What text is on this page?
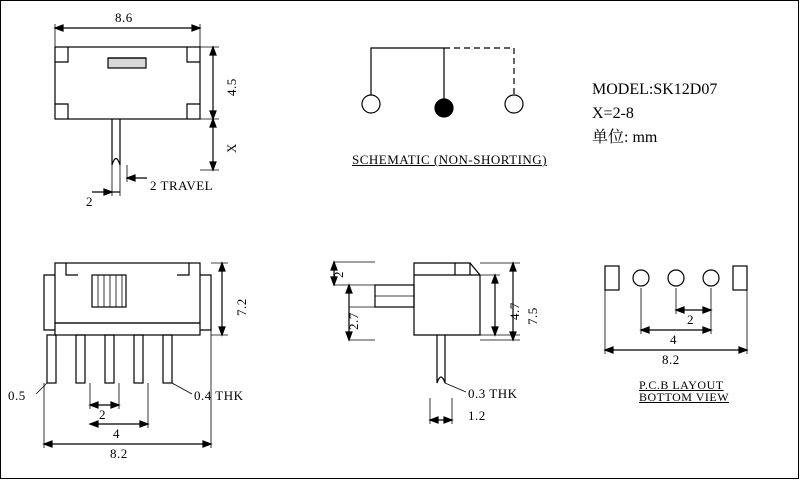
8.6
4.5
X
2
2 TRAVEL
SCHEMATIC (NON-SHORTING)
MODEL:SK12D07
X=2-8
单位: mm
7.2
0.5
2
4
0.4 THK
8.2
2
2.7
4.7 7.5
0.3 THK
1.2
2
4
8.2
P.C.B LAYOUT
BOTTOM VIEW
